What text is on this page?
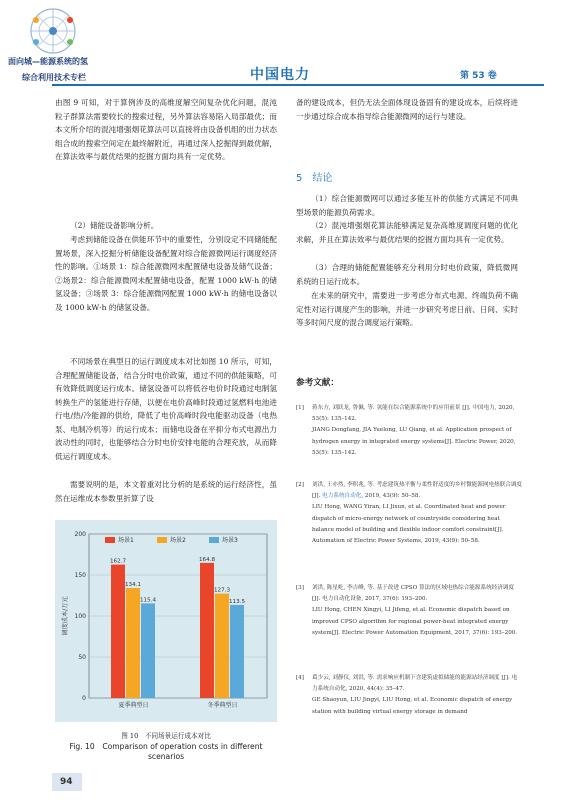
面向城—能源系统的氢
综合利用技术专栏	中国电力	第 53 卷

由图 9 可知，对于算例涉及的高维度解空间复杂优化问题，混沌粒子群算法需要较长的搜索过程，另外算法容易陷入局部最优；而本文所介绍的混沌增强烟花算法可以直接将由设备机组的出力状态组合成的搜索空间定在最终解附近，再通过深入挖掘得到最优解，在算法效率与最优结果的挖掘方面均具有一定优势。

（2）储能设备影响分析。

考虑到储能设备在供能环节中的重要性，分别设定不同储能配置场景，深入挖掘分析储能设备配置对综合能源微网运行调度经济性的影响。①场景 1：综合能源微网未配置储电设备及储气设备；②场景2：综合能源微网未配置储电设备，配置 1000 kW·h 的储氢设备；③场景 3：综合能源微网配置 1000 kW·h 的储电设备以及 1000 kW·h 的储氢设备。

不同场景在典型日的运行调度成本对比如图 10 所示，可知，合理配置储能设备，结合分时电价政策，通过不同的供能策略，可有效降低调度运行成本。储氢设备可以将低谷电价时段通过电制氢转换生产的氢能进行存储，以便在电价高峰时段通过氢燃料电池进行电/热/冷能源的供给，降低了电价高峰时段电能驱动设备（电热泵、电制冷机等）的运行成本；而储电设备在平抑分布式电源出力波动性的同时，也能够结合分时电价安排电能的合理充放，从而降低运行调度成本。

需要说明的是，本文着重对比分析的是系统的运行经济性，虽然在运维成本参数里折算了设

0
50
100
150
200
调度成本/万元
162.7
134.1
115.4
夏季典型日
164.8
127.3
113.5
冬季典型日
场景1	场景2	场景3
图 10　不同场景运行成本对比
Fig. 10　Comparison of operation costs in different scenarios

备的建设成本，但仍无法全面体现设备固有的建设成本，后续将进一步通过综合成本指导综合能源微网的运行与建设。

5　结论

（1）综合能源微网可以通过多能互补的供能方式满足不同典型场景的能源负荷需求。

（2）混沌增强烟花算法能够满足复杂高维度调度问题的优化求解，并且在算法效率与最优结果的挖掘方面均具有一定优势。

（3）合理的储能配置能够充分利用分时电价政策，降低微网系统的日运行成本。

在未来的研究中，需要进一步考虑分布式电源、终端负荷不确定性对运行调度产生的影响，并进一步研究考虑日前、日间、实时等多时间尺度的混合调度运行策略。

参考文献：
[1] 蒋东方, 刘跃龙, 鲁佩, 等. 氢能在综合能源系统中的应用前景 [J]. 中国电力, 2020, 53(5): 135–142.
JIANG Dongfang, JIA Yuelong, LU Qiang, et al. Application prospect of hydrogen energy in integrated energy systems[J]. Electric Power, 2020, 53(5): 135–142.
[2] 刘洪, 王亦然, 李积兆, 等. 考虑建筑热平衡与柔性舒适度的乡村微能源网电热联合调度 [J]. 电力系统自动化, 2019, 43(9): 50–58.
LIU Hong, WANG Yiran, LI Jixun, et al. Coordinated heat and power dispatch of micro-energy network of countryside considering heat balance model of building and flexible indoor comfort constraint[J]. Automation of Electric Power Systems, 2019, 43(9): 50–58.
[3] 刘洪, 陈星屹, 李吉峰, 等. 基于改进 CPSO 算法的区域电热综合能源系统经济调度 [J]. 电力自动化设备, 2017, 37(6): 193–200.
LIU Hong, CHEN Xingyi, LI Jifeng, et al. Economic dispatch based on improved CPSO algorithm for regional power-heat integrated energy system[J]. Electric Power Automation Equipment, 2017, 37(6): 193–200.
[4] 葛少云, 刘静仪, 刘洪, 等. 需求响应机制下含建筑虚拟储能的能源站经济调度 [J]. 电力系统自动化, 2020, 44(4): 35–47.
GE Shaoyun, LIU Jingyi, LIU Hong, et al. Economic dispatch of energy station with building virtual energy storage in demand
94
